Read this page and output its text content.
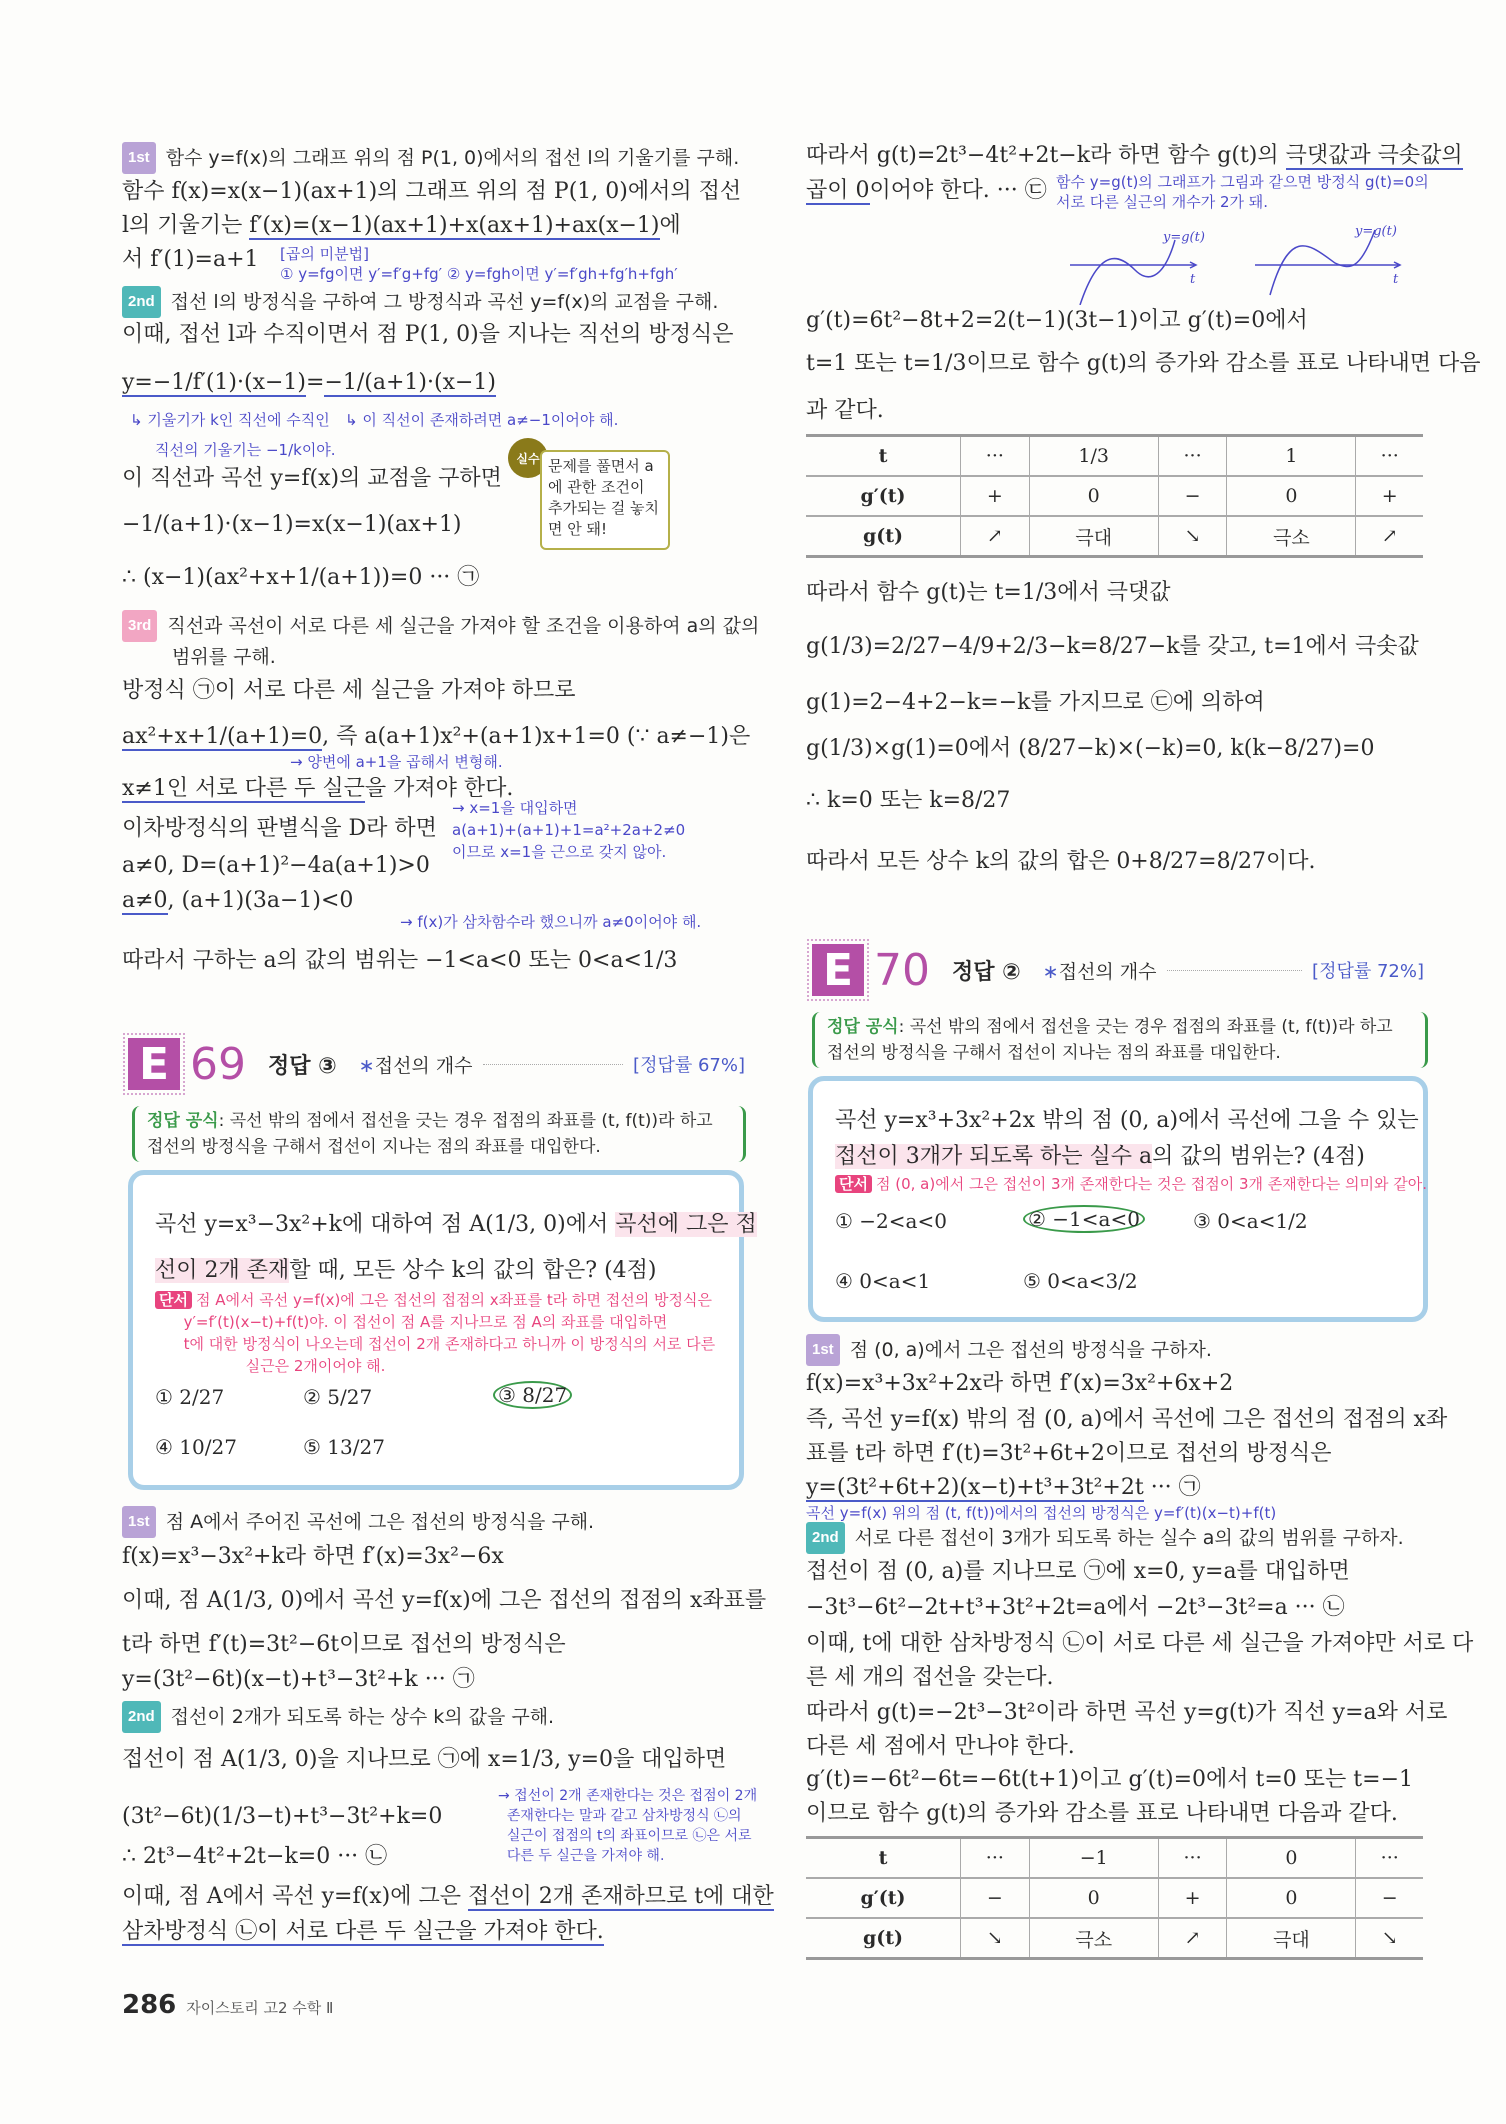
1st 함수 y=f(x)의 그래프 위의 점 P(1, 0)에서의 접선 l의 기울기를 구해.
함수 f(x)=x(x−1)(ax+1)의 그래프 위의 점 P(1, 0)에서의 접선
l의 기울기는 f′(x)=(x−1)(ax+1)+x(ax+1)+ax(x−1)에
서 f′(1)=a+1 [곱의 미분법]
① y=fg이면 y′=f′g+fg′ ② y=fgh이면 y′=f′gh+fg′h+fgh′
2nd 접선 l의 방정식을 구하여 그 방정식과 곡선 y=f(x)의 교점을 구해.
이때, 접선 l과 수직이면서 점 P(1, 0)을 지나는 직선의 방정식은
y=−1/f′(1)·(x−1)=−1/(a+1)·(x−1)
↳ 기울기가 k인 직선에 수직인
직선의 기울기는 −1/k이야.
↳ 이 직선이 존재하려면 a≠−1이어야 해.
이 직선과 곡선 y=f(x)의 교점을 구하면
−1/(a+1)·(x−1)=x(x−1)(ax+1)
∴ (x−1)(ax²+x+1/(a+1))=0 ··· ㉠
실수 문제를 풀면서 a에 관한 조건이 추가되는 걸 놓치면 안 돼!
3rd 직선과 곡선이 서로 다른 세 실근을 가져야 할 조건을 이용하여 a의 값의
범위를 구해.
방정식 ㉠이 서로 다른 세 실근을 가져야 하므로
ax²+x+1/(a+1)=0, 즉 a(a+1)x²+(a+1)x+1=0 (∵ a≠−1)은
→ 양변에 a+1을 곱해서 변형해.
x≠1인 서로 다른 두 실근을 가져야 한다.
→ x=1을 대입하면
a(a+1)+(a+1)+1=a²+2a+2≠0
이므로 x=1을 근으로 갖지 않아.
이차방정식의 판별식을 D라 하면
a≠0, D=(a+1)²−4a(a+1)>0
a≠0, (a+1)(3a−1)<0
→ f(x)가 삼차함수라 했으니까 a≠0이어야 해.
따라서 구하는 a의 값의 범위는 −1<a<0 또는 0<a<1/3
E 69 정답 ③ ∗접선의 개수	[정답률 67%]
정답 공식: 곡선 밖의 점에서 접선을 긋는 경우 접점의 좌표를 (t, f(t))라 하고
접선의 방정식을 구해서 접선이 지나는 점의 좌표를 대입한다.
곡선 y=x³−3x²+k에 대하여 점 A(1/3, 0)에서 곡선에 그은 접
선이 2개 존재할 때, 모든 상수 k의 값의 합은? (4점)
단서 점 A에서 곡선 y=f(x)에 그은 접선의 접점의 x좌표를 t라 하면 접선의 방정식은
y′=f′(t)(x−t)+f(t)야. 이 접선이 점 A를 지나므로 점 A의 좌표를 대입하면
t에 대한 방정식이 나오는데 접선이 2개 존재하다고 하니까 이 방정식의 서로 다른
실근은 2개이어야 해.
① 2/27	② 5/27	③ 8/27
④ 10/27	⑤ 13/27
1st 점 A에서 주어진 곡선에 그은 접선의 방정식을 구해.
f(x)=x³−3x²+k라 하면 f′(x)=3x²−6x
이때, 점 A(1/3, 0)에서 곡선 y=f(x)에 그은 접선의 접점의 x좌표를
t라 하면 f′(t)=3t²−6t이므로 접선의 방정식은
y=(3t²−6t)(x−t)+t³−3t²+k ··· ㉠
2nd 접선이 2개가 되도록 하는 상수 k의 값을 구해.
접선이 점 A(1/3, 0)을 지나므로 ㉠에 x=1/3, y=0을 대입하면
(3t²−6t)(1/3−t)+t³−3t²+k=0
∴ 2t³−4t²+2t−k=0 ··· ㉡
→ 접선이 2개 존재한다는 것은 접점이 2개
존재한다는 말과 같고 삼차방정식 ㉡의
실근이 접점의 t의 좌표이므로 ㉡은 서로
다른 두 실근을 가져야 해.
이때, 점 A에서 곡선 y=f(x)에 그은 접선이 2개 존재하므로 t에 대한
삼차방정식 ㉡이 서로 다른 두 실근을 가져야 한다.
286 자이스토리 고2 수학 Ⅱ
따라서 g(t)=2t³−4t²+2t−k라 하면 함수 g(t)의 극댓값과 극솟값의
곱이 0이어야 한다. ··· ㉢ 함수 y=g(t)의 그래프가 그림과 같으면 방정식 g(t)=0의
서로 다른 실근의 개수가 2가 돼.
y=g(t)
t
y=g(t)
t
g′(t)=6t²−8t+2=2(t−1)(3t−1)이고 g′(t)=0에서
t=1 또는 t=1/3이므로 함수 g(t)의 증가와 감소를 표로 나타내면 다음
과 같다.
t	···	1/3	···	1	···
g′(t)	+	0	−	0	+
g(t)	↗	극대	↘	극소	↗
따라서 함수 g(t)는 t=1/3에서 극댓값
g(1/3)=2/27−4/9+2/3−k=8/27−k를 갖고, t=1에서 극솟값
g(1)=2−4+2−k=−k를 가지므로 ㉢에 의하여
g(1/3)×g(1)=0에서 (8/27−k)×(−k)=0, k(k−8/27)=0
∴ k=0 또는 k=8/27
따라서 모든 상수 k의 값의 합은 0+8/27=8/27이다.
E 70 정답 ② ∗접선의 개수	[정답률 72%]
정답 공식: 곡선 밖의 점에서 접선을 긋는 경우 접점의 좌표를 (t, f(t))라 하고
접선의 방정식을 구해서 접선이 지나는 점의 좌표를 대입한다.
곡선 y=x³+3x²+2x 밖의 점 (0, a)에서 곡선에 그을 수 있는
접선이 3개가 되도록 하는 실수 a의 값의 범위는? (4점)
단서 점 (0, a)에서 그은 접선이 3개 존재한다는 것은 접점이 3개 존재한다는 의미와 같아.
① −2<a<0	② −1<a<0	③ 0<a<1/2
④ 0<a<1	⑤ 0<a<3/2
1st 점 (0, a)에서 그은 접선의 방정식을 구하자.
f(x)=x³+3x²+2x라 하면 f′(x)=3x²+6x+2
즉, 곡선 y=f(x) 밖의 점 (0, a)에서 곡선에 그은 접선의 접점의 x좌
표를 t라 하면 f′(t)=3t²+6t+2이므로 접선의 방정식은
y=(3t²+6t+2)(x−t)+t³+3t²+2t ··· ㉠
곡선 y=f(x) 위의 점 (t, f(t))에서의 접선의 방정식은 y=f′(t)(x−t)+f(t)
2nd 서로 다른 접선이 3개가 되도록 하는 실수 a의 값의 범위를 구하자.
접선이 점 (0, a)를 지나므로 ㉠에 x=0, y=a를 대입하면
−3t³−6t²−2t+t³+3t²+2t=a에서 −2t³−3t²=a ··· ㉡
이때, t에 대한 삼차방정식 ㉡이 서로 다른 세 실근을 가져야만 서로 다
른 세 개의 접선을 갖는다.
따라서 g(t)=−2t³−3t²이라 하면 곡선 y=g(t)가 직선 y=a와 서로
다른 세 점에서 만나야 한다.
g′(t)=−6t²−6t=−6t(t+1)이고 g′(t)=0에서 t=0 또는 t=−1
이므로 함수 g(t)의 증가와 감소를 표로 나타내면 다음과 같다.
t	···	−1	···	0	···
g′(t)	−	0	+	0	−
g(t)	↘	극소	↗	극대	↘
